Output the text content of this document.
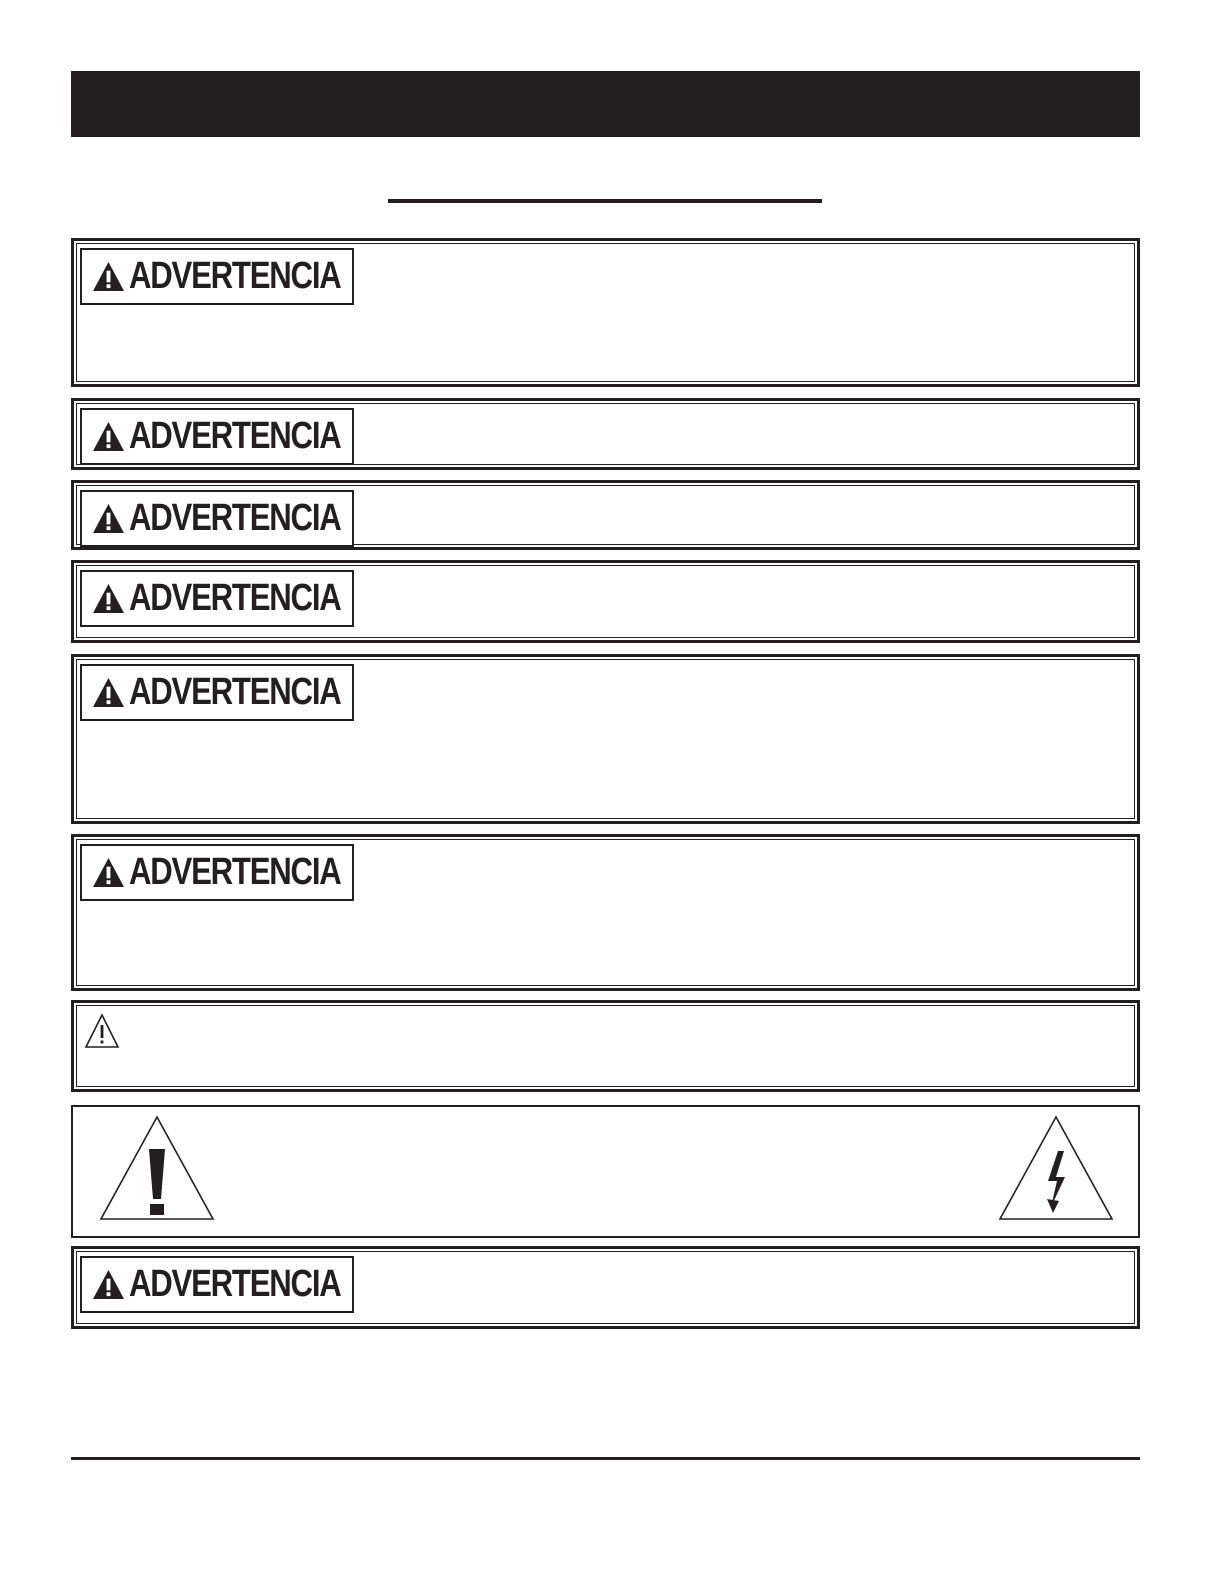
ADVERTENCIA
ADVERTENCIA
ADVERTENCIA
ADVERTENCIA
ADVERTENCIA
ADVERTENCIA
ADVERTENCIA
